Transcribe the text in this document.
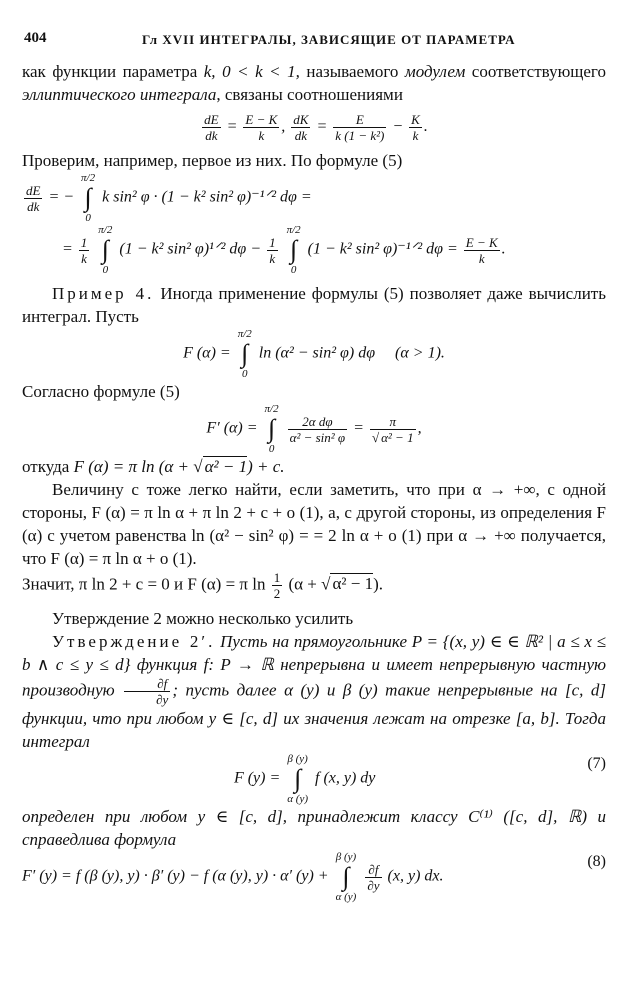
404	Гл XVII ИНТЕГРАЛЫ, ЗАВИСЯЩИЕ ОТ ПАРАМЕТРА

как функции параметра k, 0 < k < 1, называемого модулем соответствующего эллиптического интеграла, связаны соотношениями

$\frac{dE}{dk} = \frac{E - K}{k}$ , $\frac{dK}{dk} = \frac{E}{\text{k (1 − k²)}} - \frac{K}{k}$ .

Проверим, например, первое из них. По формуле (5)

$\frac{dE}{dk}$ = − π/2
∫
0 k sin² φ · (1 − k² sin² φ)⁻¹ᐟ² dφ =
= $\frac{1}{k}$
π/2
∫
0 (1 − k² sin² φ)¹ᐟ² $d\varphi - \frac{1}{k}$
π/2
∫
0 (1 − k² sin² φ)⁻¹ᐟ² $d\varphi = \frac{E - K}{k}$ .

Пример 4. Иногда применение формулы (5) позволяет даже вычислить интеграл. Пусть

F (α) = π/2
∫
0 ln (α² − sin² φ) dφ (α > 1).

Согласно формуле (5)

F′ (α) = π/2
∫
0
$\frac{\text{2α dφ}}{\text{α² − sin² φ}} = \frac{\pi}{\text{√ α² − 1}}$ ,

откуда F (α) = π ln (α + √ α² − 1) + c.

Величину c тоже легко найти, если заметить, что при α → +∞, с одной стороны, F (α) = π ln α + π ln 2 + c + o (1), а, с другой стороны, из определения F (α) с учетом равенства ln (α² − sin² φ) = = 2 ln α + o (1) при α → +∞ получается, что F (α) = π ln α + o (1).

Значит, π ln 2 + c = 0 и F (α) = π $\ln \frac{1}{2} (\alpha$ + √ α² − 1).

Утверждение 2 можно несколько усилить

Утверждение 2′. Пусть на прямоугольнике P = {(x, y) ∈ ∈ ℝ² | a ≤ x ≤ b ∧ c ≤ y ≤ d} функция f: P → ℝ непрерывна и имеет непрерывную частную производную $\frac{\partial f}{\partial y}$ ; пусть далее α (y) и β (y) такие непрерывные на [c, d] функции, что при любом y ∈ [c, d] их значения лежат на отрезке [a, b]. Тогда интеграл

F (y) = β (y)
∫
α (y) f (x, y) dy
(7)

определен при любом y ∈ [c, d], принадлежит классу C⁽¹⁾ ([c, d], ℝ) и справедлива формула

F′ (y) = f (β (y), y) · β′ (y) − f (α (y), y) · α′ (y) + β (y)
∫
α (y)
$\frac{\partial f}{\partial y} (x$, y) dx.
(8)
